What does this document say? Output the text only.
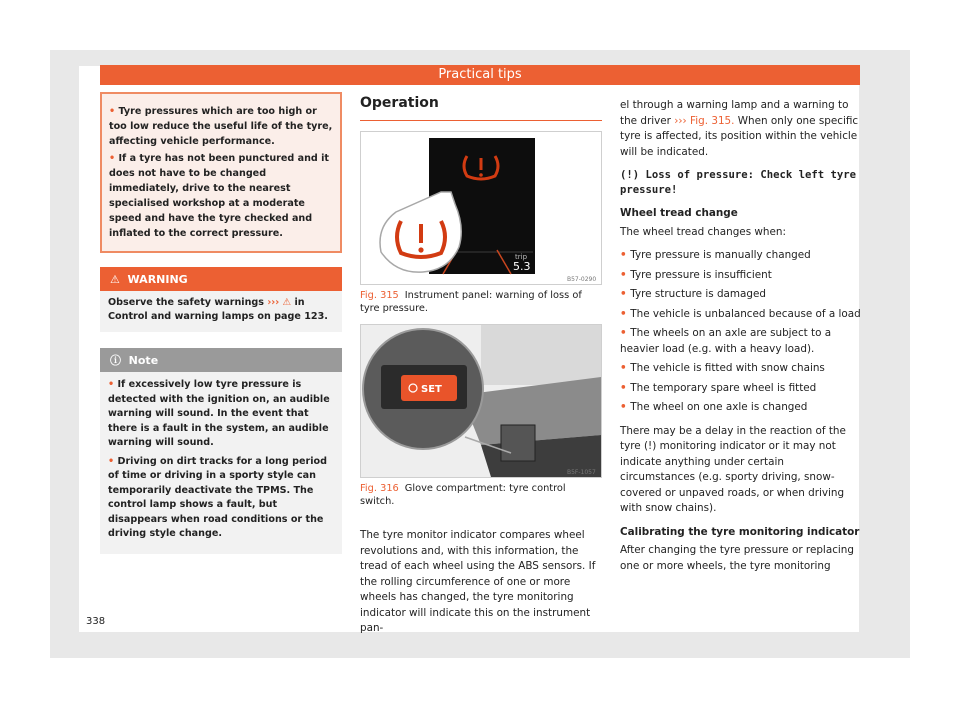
Practical tips

• Tyre pressures which are too high or too low reduce the useful life of the tyre, affecting vehicle performance.

• If a tyre has not been punctured and it does not have to be changed immediately, drive to the nearest specialised workshop at a moderate speed and have the tyre checked and inflated to the correct pressure.

⚠ WARNING
Observe the safety warnings ››› ⚠ in Control and warning lamps on page 123.
ⓘ Note

• If excessively low tyre pressure is detected with the ignition on, an audible warning will sound. In the event that there is a fault in the system, an audible warning will sound.

• Driving on dirt tracks for a long period of time or driving in a sporty style can temporarily deactivate the TPMS. The control lamp shows a fault, but disappears when road conditions or the driving style change.

Operation
trip
5.3
B57-0290
Fig. 315 Instrument panel: warning of loss of tyre pressure.
SET
B5F-1057
Fig. 316 Glove compartment: tyre control switch.

The tyre monitor indicator compares wheel revolutions and, with this information, the tread of each wheel using the ABS sensors. If the rolling circumference of one or more wheels has changed, the tyre monitoring indicator will indicate this on the instrument pan-

el through a warning lamp and a warning to the driver ››› Fig. 315. When only one specific tyre is affected, its position within the vehicle will be indicated.

(!) Loss of pressure: Check left tyre pressure!

Wheel tread change

The wheel tread changes when:

• Tyre pressure is manually changed
• Tyre pressure is insufficient
• Tyre structure is damaged
• The vehicle is unbalanced because of a load
• The wheels on an axle are subject to a heavier load (e.g. with a heavy load).
• The vehicle is fitted with snow chains
• The temporary spare wheel is fitted
• The wheel on one axle is changed

There may be a delay in the reaction of the tyre (!) monitoring indicator or it may not indicate anything under certain circumstances (e.g. sporty driving, snow-covered or unpaved roads, or when driving with snow chains).

Calibrating the tyre monitoring indicator

After changing the tyre pressure or replacing one or more wheels, the tyre monitoring

338
